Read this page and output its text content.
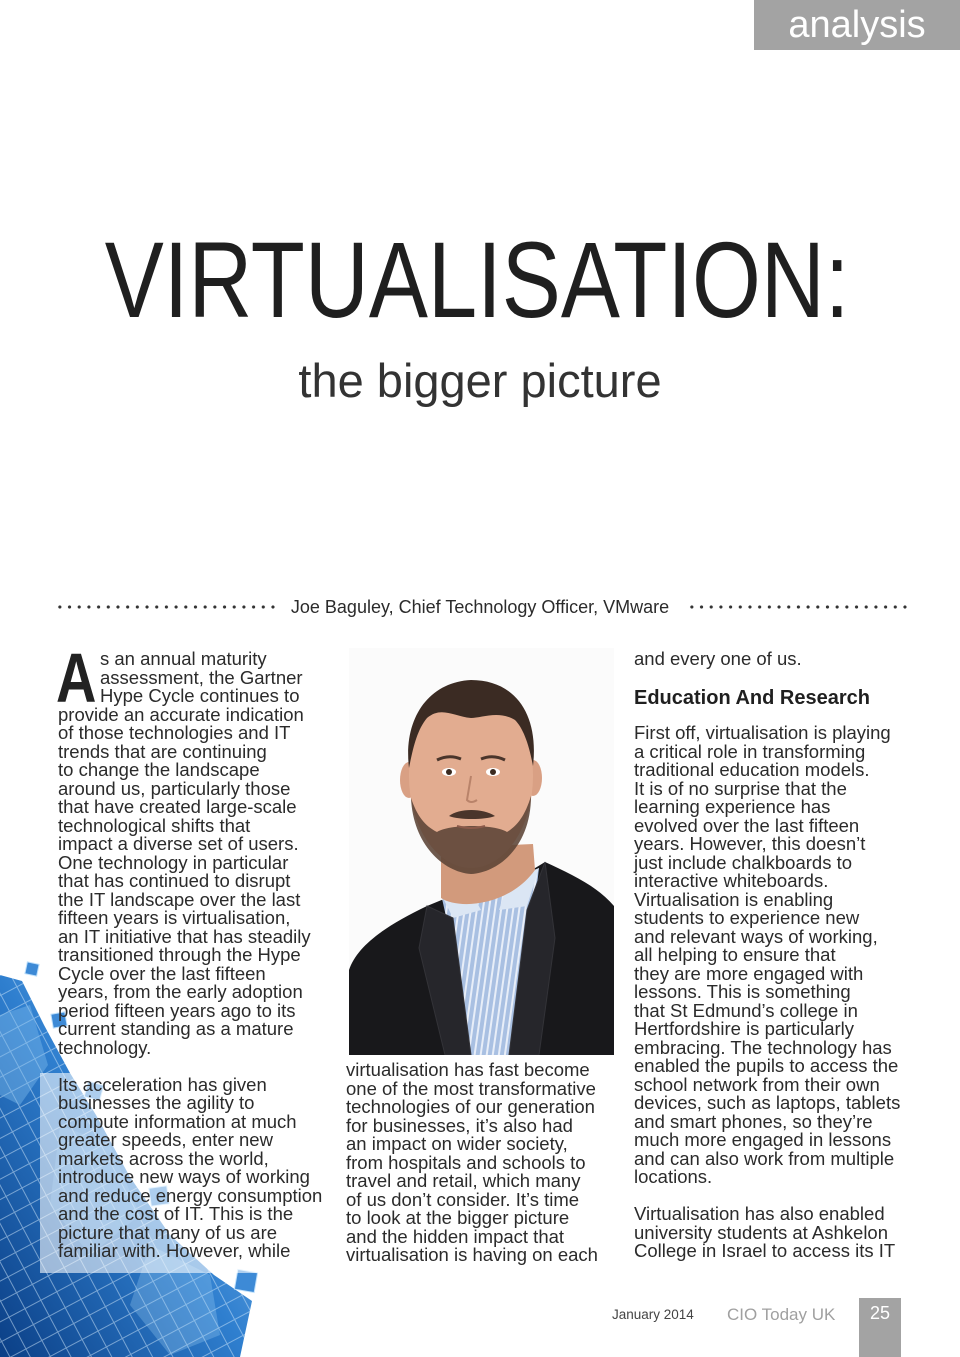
analysis
VIRTUALISATION:
the bigger picture
Joe Baguley, Chief Technology Officer, VMware
A s an annual maturity
assessment, the Gartner
Hype Cycle continues to
provide an accurate indication
of those technologies and IT
trends that are continuing
to change the landscape
around us, particularly those
that have created large-scale
technological shifts that
impact a diverse set of users.
One technology in particular
that has continued to disrupt
the IT landscape over the last
fifteen years is virtualisation,
an IT initiative that has steadily
transitioned through the Hype
Cycle over the last fifteen
years, from the early adoption
period fifteen years ago to its
current standing as a mature
technology.
Its acceleration has given
businesses the agility to
compute information at much
greater speeds, enter new
markets across the world,
introduce new ways of working
and reduce energy consumption
and the cost of IT. This is the
picture that many of us are
familiar with. However, while
virtualisation has fast become
one of the most transformative
technologies of our generation
for businesses, it’s also had
an impact on wider society,
from hospitals and schools to
travel and retail, which many
of us don’t consider. It’s time
to look at the bigger picture
and the hidden impact that
virtualisation is having on each
and every one of us.
Education And Research
First off, virtualisation is playing
a critical role in transforming
traditional education models.
It is of no surprise that the
learning experience has
evolved over the last fifteen
years. However, this doesn’t
just include chalkboards to
interactive whiteboards.
Virtualisation is enabling
students to experience new
and relevant ways of working,
all helping to ensure that
they are more engaged with
lessons. This is something
that St Edmund’s college in
Hertfordshire is particularly
embracing. The technology has
enabled the pupils to access the
school network from their own
devices, such as laptops, tablets
and smart phones, so they’re
much more engaged in lessons
and can also work from multiple
locations.
Virtualisation has also enabled
university students at Ashkelon
College in Israel to access its IT
January 2014 CIO Today UK	25
